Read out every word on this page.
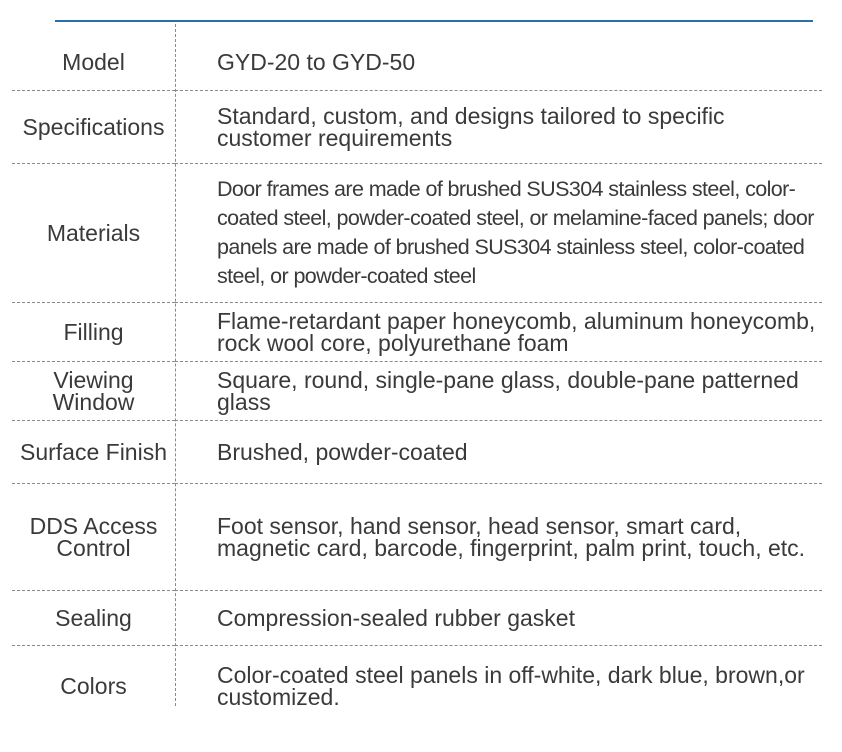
Model	GYD-20 to GYD-50
Specifications	Standard, custom, and designs tailored to specific customer requirements
Materials	Door frames are made of brushed SUS304 stainless steel, color-coated steel, powder-coated steel, or melamine-faced panels; door panels are made of brushed SUS304 stainless steel, color-coated steel, or powder-coated steel
Filling	Flame-retardant paper honeycomb, aluminum honeycomb, rock wool core, polyurethane foam
Viewing Window	Square, round, single-pane glass, double-pane patterned glass
Surface Finish	Brushed, powder-coated
DDS Access Control	Foot sensor, hand sensor, head sensor, smart card, magnetic card, barcode, fingerprint, palm print, touch, etc.
Sealing	Compression-sealed rubber gasket
Colors	Color-coated steel panels in off-white, dark blue, brown,or customized.
